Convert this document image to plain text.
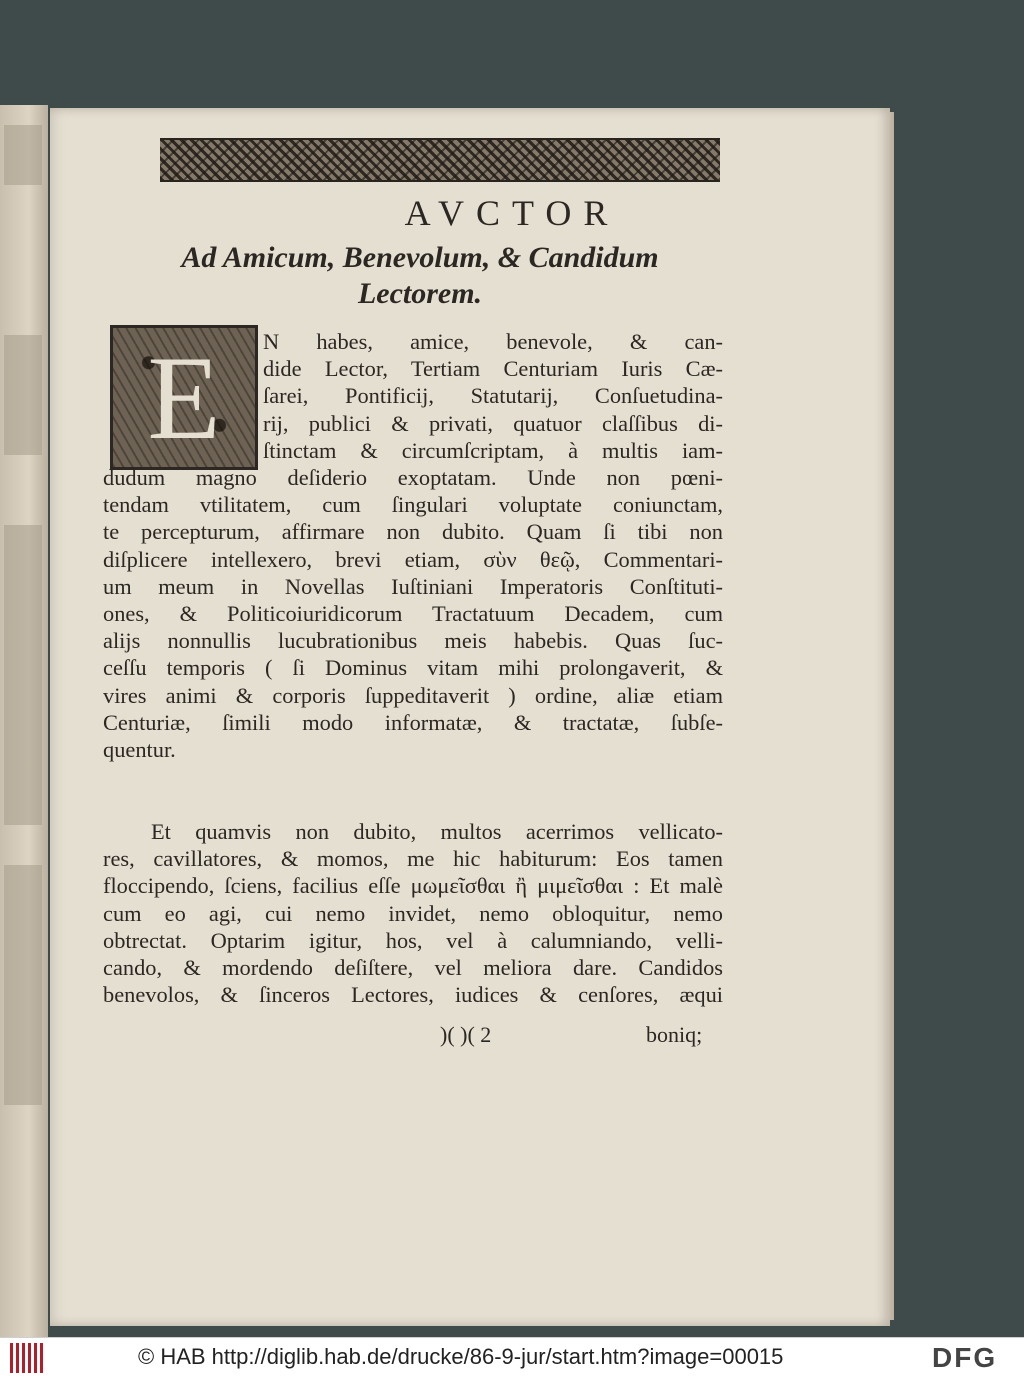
AVCTOR
Ad Amicum, Benevolum, & Candidum Lectorem.
E	N habes, amice, benevole, & can-
dide Lector, Tertiam Centuriam Iuris Cæ-
ſarei, Pontificij, Statutarij, Conſuetudina-
rij, publici & privati, quatuor claſſibus di-
ſtinctam & circumſcriptam, à multis iam-
dudum magno deſiderio exoptatam. Unde non pœni-
tendam vtilitatem, cum ſingulari voluptate coniunctam,
te percepturum, affirmare non dubito. Quam ſi tibi non
diſplicere intellexero, brevi etiam, σὺν θεῷ, Commentari-
um meum in Novellas Iuſtiniani Imperatoris Conſtituti-
ones, & Politicoiuridicorum Tractatuum Decadem, cum
alijs nonnullis lucubrationibus meis habebis. Quas ſuc-
ceſſu temporis ( ſi Dominus vitam mihi prolongaverit, &
vires animi & corporis ſuppeditaverit ) ordine, aliæ etiam
Centuriæ, ſimili modo informatæ, & tractatæ, ſubſe-
quentur.
Et quamvis non dubito, multos acerrimos vellicato-
res, cavillatores, & momos, me hic habiturum: Eos tamen
floccipendo, ſciens, facilius eſſe μωμεῖσθαι ἢ μιμεῖσθαι : Et malè
cum eo agi, cui nemo invidet, nemo obloquitur, nemo
obtrectat. Optarim igitur, hos, vel à calumniando, velli-
cando, & mordendo deſiſtere, vel meliora dare. Candidos
benevolos, & ſinceros Lectores, iudices & cenſores, æqui
)( )( 2	boniq;
© HAB http://diglib.hab.de/drucke/86-9-jur/start.htm?image=00015	DFG
